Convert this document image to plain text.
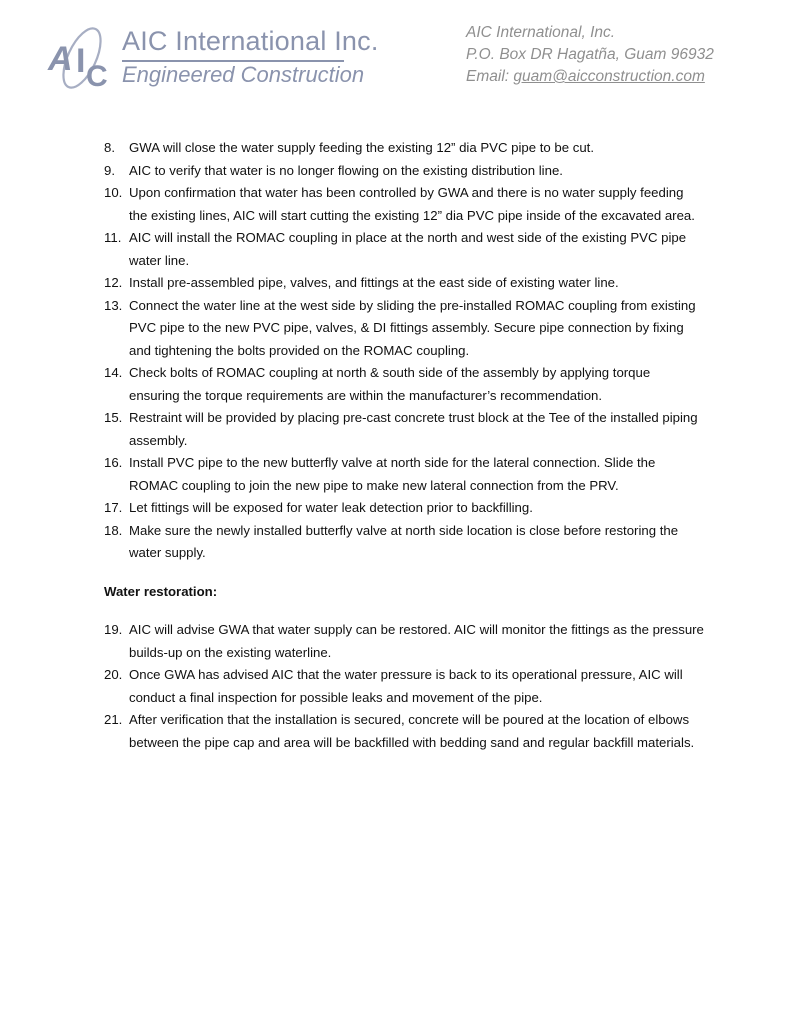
A I C
AIC International Inc.
Engineered Construction
AIC International, Inc.
P.O. Box DR Hagatña, Guam 96932
Email: guam@aicconstruction.com
8. GWA will close the water supply feeding the existing 12” dia PVC pipe to be cut.
9. AIC to verify that water is no longer flowing on the existing distribution line.
10. Upon confirmation that water has been controlled by GWA and there is no water supply feeding the existing lines, AIC will start cutting the existing 12” dia PVC pipe inside of the excavated area.
11. AIC will install the ROMAC coupling in place at the north and west side of the existing PVC pipe water line.
12. Install pre-assembled pipe, valves, and fittings at the east side of existing water line.
13. Connect the water line at the west side by sliding the pre-installed ROMAC coupling from existing PVC pipe to the new PVC pipe, valves, & DI fittings assembly. Secure pipe connection by fixing and tightening the bolts provided on the ROMAC coupling.
14. Check bolts of ROMAC coupling at north & south side of the assembly by applying torque ensuring the torque requirements are within the manufacturer’s recommendation.
15. Restraint will be provided by placing pre-cast concrete trust block at the Tee of the installed piping assembly.
16. Install PVC pipe to the new butterfly valve at north side for the lateral connection. Slide the ROMAC coupling to join the new pipe to make new lateral connection from the PRV.
17. Let fittings will be exposed for water leak detection prior to backfilling.
18. Make sure the newly installed butterfly valve at north side location is close before restoring the water supply.
Water restoration:
19. AIC will advise GWA that water supply can be restored. AIC will monitor the fittings as the pressure builds-up on the existing waterline.
20. Once GWA has advised AIC that the water pressure is back to its operational pressure, AIC will conduct a final inspection for possible leaks and movement of the pipe.
21. After verification that the installation is secured, concrete will be poured at the location of elbows between the pipe cap and area will be backfilled with bedding sand and regular backfill materials.
